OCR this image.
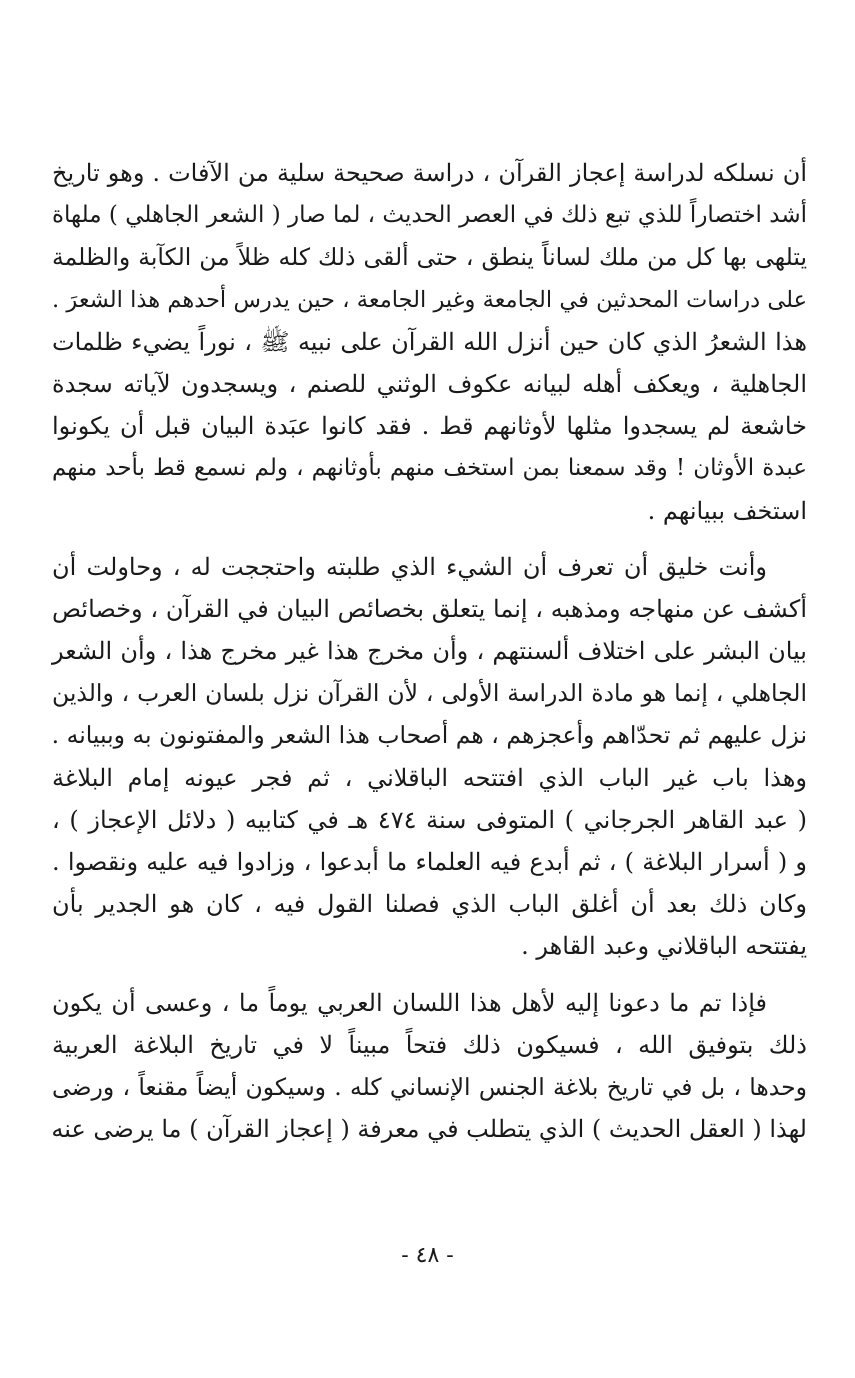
أن نسلكه لدراسة إعجاز القرآن ، دراسة صحيحة سلية من الآفات . وهو تاريخ
أشد اختصاراً للذي تبع ذلك في العصر الحديث ، لما صار ( الشعر الجاهلي ) ملهاة
يتلهى بها كل من ملك لساناً ينطق ، حتى ألقى ذلك كله ظلاً من الكآبة والظلمة
على دراسات المحدثين في الجامعة وغير الجامعة ، حين يدرس أحدهم هذا الشعرَ .
هذا الشعرُ الذي كان حين أنزل الله القرآن على نبيه ﷺ ، نوراً يضيء ظلمات
الجاهلية ، ويعكف أهله لبيانه عكوف الوثني للصنم ، ويسجدون لآياته سجدة
خاشعة لم يسجدوا مثلها لأوثانهم قط . فقد كانوا عبَدة البيان قبل أن يكونوا
عبدة الأوثان ! وقد سمعنا بمن استخف منهم بأوثانهم ، ولم نسمع قط بأحد منهم
استخف ببيانهم .

وأنت خليق أن تعرف أن الشيء الذي طلبته واحتججت له ، وحاولت أن
أكشف عن منهاجه ومذهبه ، إنما يتعلق بخصائص البيان في القرآن ، وخصائص
بيان البشر على اختلاف ألسنتهم ، وأن مخرج هذا غير مخرج هذا ، وأن الشعر
الجاهلي ، إنما هو مادة الدراسة الأولى ، لأن القرآن نزل بلسان العرب ، والذين
نزل عليهم ثم تحدّاهم وأعجزهم ، هم أصحاب هذا الشعر والمفتونون به وببيانه .
وهذا باب غير الباب الذي افتتحه الباقلاني ، ثم فجر عيونه إمام البلاغة
( عبد القاهر الجرجاني ) المتوفى سنة ٤٧٤ هـ في كتابيه ( دلائل الإعجاز ) ،
و ( أسرار البلاغة ) ، ثم أبدع فيه العلماء ما أبدعوا ، وزادوا فيه عليه ونقصوا .
وكان ذلك بعد أن أغلق الباب الذي فصلنا القول فيه ، كان هو الجدير بأن
يفتتحه الباقلاني وعبد القاهر .

فإذا تم ما دعونا إليه لأهل هذا اللسان العربي يوماً ما ، وعسى أن يكون
ذلك بتوفيق الله ، فسيكون ذلك فتحاً مبيناً لا في تاريخ البلاغة العربية
وحدها ، بل في تاريخ بلاغة الجنس الإنساني كله . وسيكون أيضاً مقنعاً ، ورضى
لهذا ( العقل الحديث ) الذي يتطلب في معرفة ( إعجاز القرآن ) ما يرضى عنه

- ٤٨ -
